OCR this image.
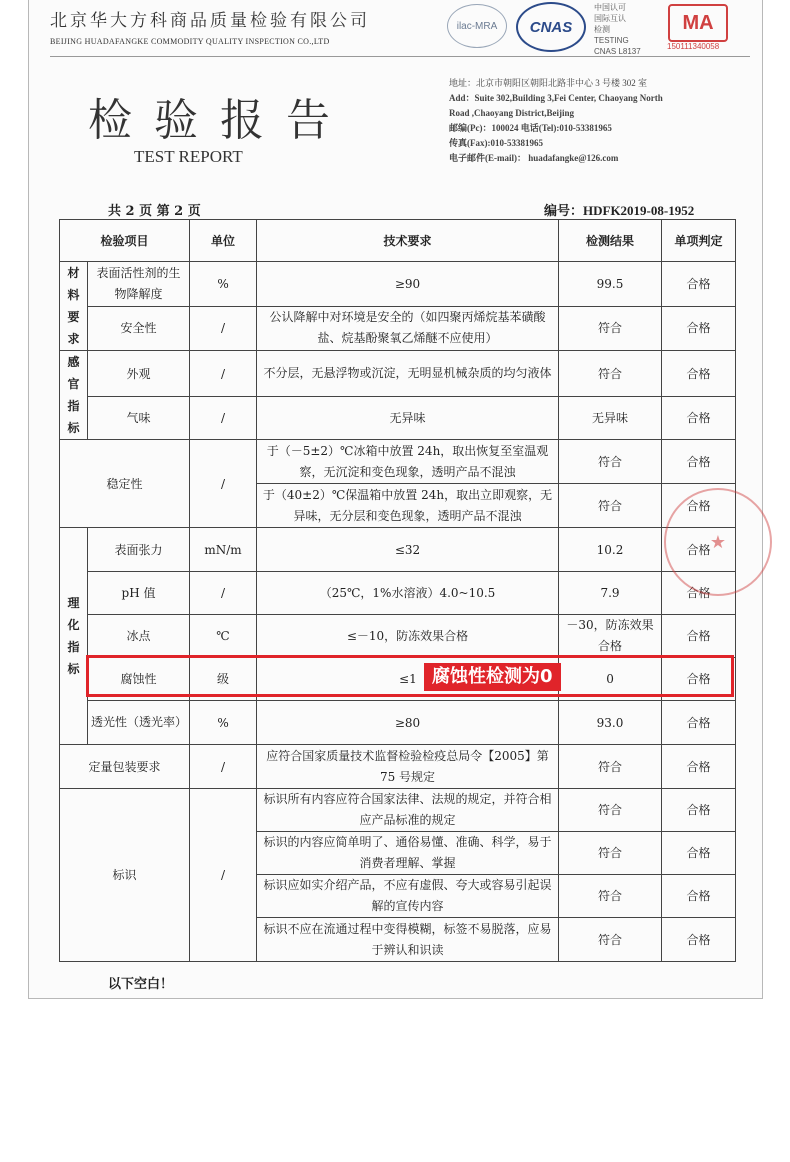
北京华大方科商品质量检验有限公司
BEIJING HUADAFANGKE COMMODITY QUALITY INSPECTION CO.,LTD
ilac-MRA CNAS
中国认可
国际互认
检测
TESTING
CNAS L8137
MA
150111340058
检验报告
TEST REPORT
地址：北京市朝阳区朝阳北路非中心 3 号楼 302 室
Add：Suite 302,Building 3,Fei Center, Chaoyang North
Road ,Chaoyang District,Beijing
邮编(Pc)：100024 电话(Tel):010-53381965
传真(Fax):010-53381965
电子邮件(E-mail)： huadafangke@126.com
共 2 页 第 2 页	编号：HDFK2019-08-1952
检验项目		单位	技术要求	检测结果	单项判定

材
料
要
求	表面活性剂的生物降解度	%	≥90	99.5	合格
	安全性	/	公认降解中对环境是安全的（如四聚丙烯烷基苯磺酸盐、烷基酚聚氧乙烯醚不应使用）	符合	合格

感
官
指
标	外观	/	不分层，无悬浮物或沉淀，无明显机械杂质的均匀液体	符合	合格
	气味	/	无异味	无异味	合格
稳定性		/	于（－5±2）℃冰箱中放置 24h，取出恢复至室温观察，无沉淀和变色现象，透明产品不混浊	符合	合格
			于（40±2）℃保温箱中放置 24h，取出立即观察，无异味，无分层和变色现象，透明产品不混浊	符合	合格

理
化
指
标	表面张力	mN/m	≤32	10.2	合格
	pH 值	/	（25℃，1%水溶液）4.0~10.5	7.9	合格
	冰点	℃	≤－10，防冻效果合格	－30，防冻效果合格	合格
	腐蚀性	级	≤1	0	合格
	透光性（透光率）	%	≥80	93.0	合格
定量包装要求		/	应符合国家质量技术监督检验检疫总局令【2005】第 75 号规定	符合	合格
标识		/	标识所有内容应符合国家法律、法规的规定，并符合相应产品标准的规定	符合	合格
			标识的内容应简单明了、通俗易懂、准确、科学，易于消费者理解、掌握	符合	合格
			标识应如实介绍产品，不应有虚假、夸大或容易引起误解的宣传内容	符合	合格
			标识不应在流通过程中变得模糊，标签不易脱落，应易于辨认和识读	符合	合格
以下空白！
★
腐蚀性检测为0
